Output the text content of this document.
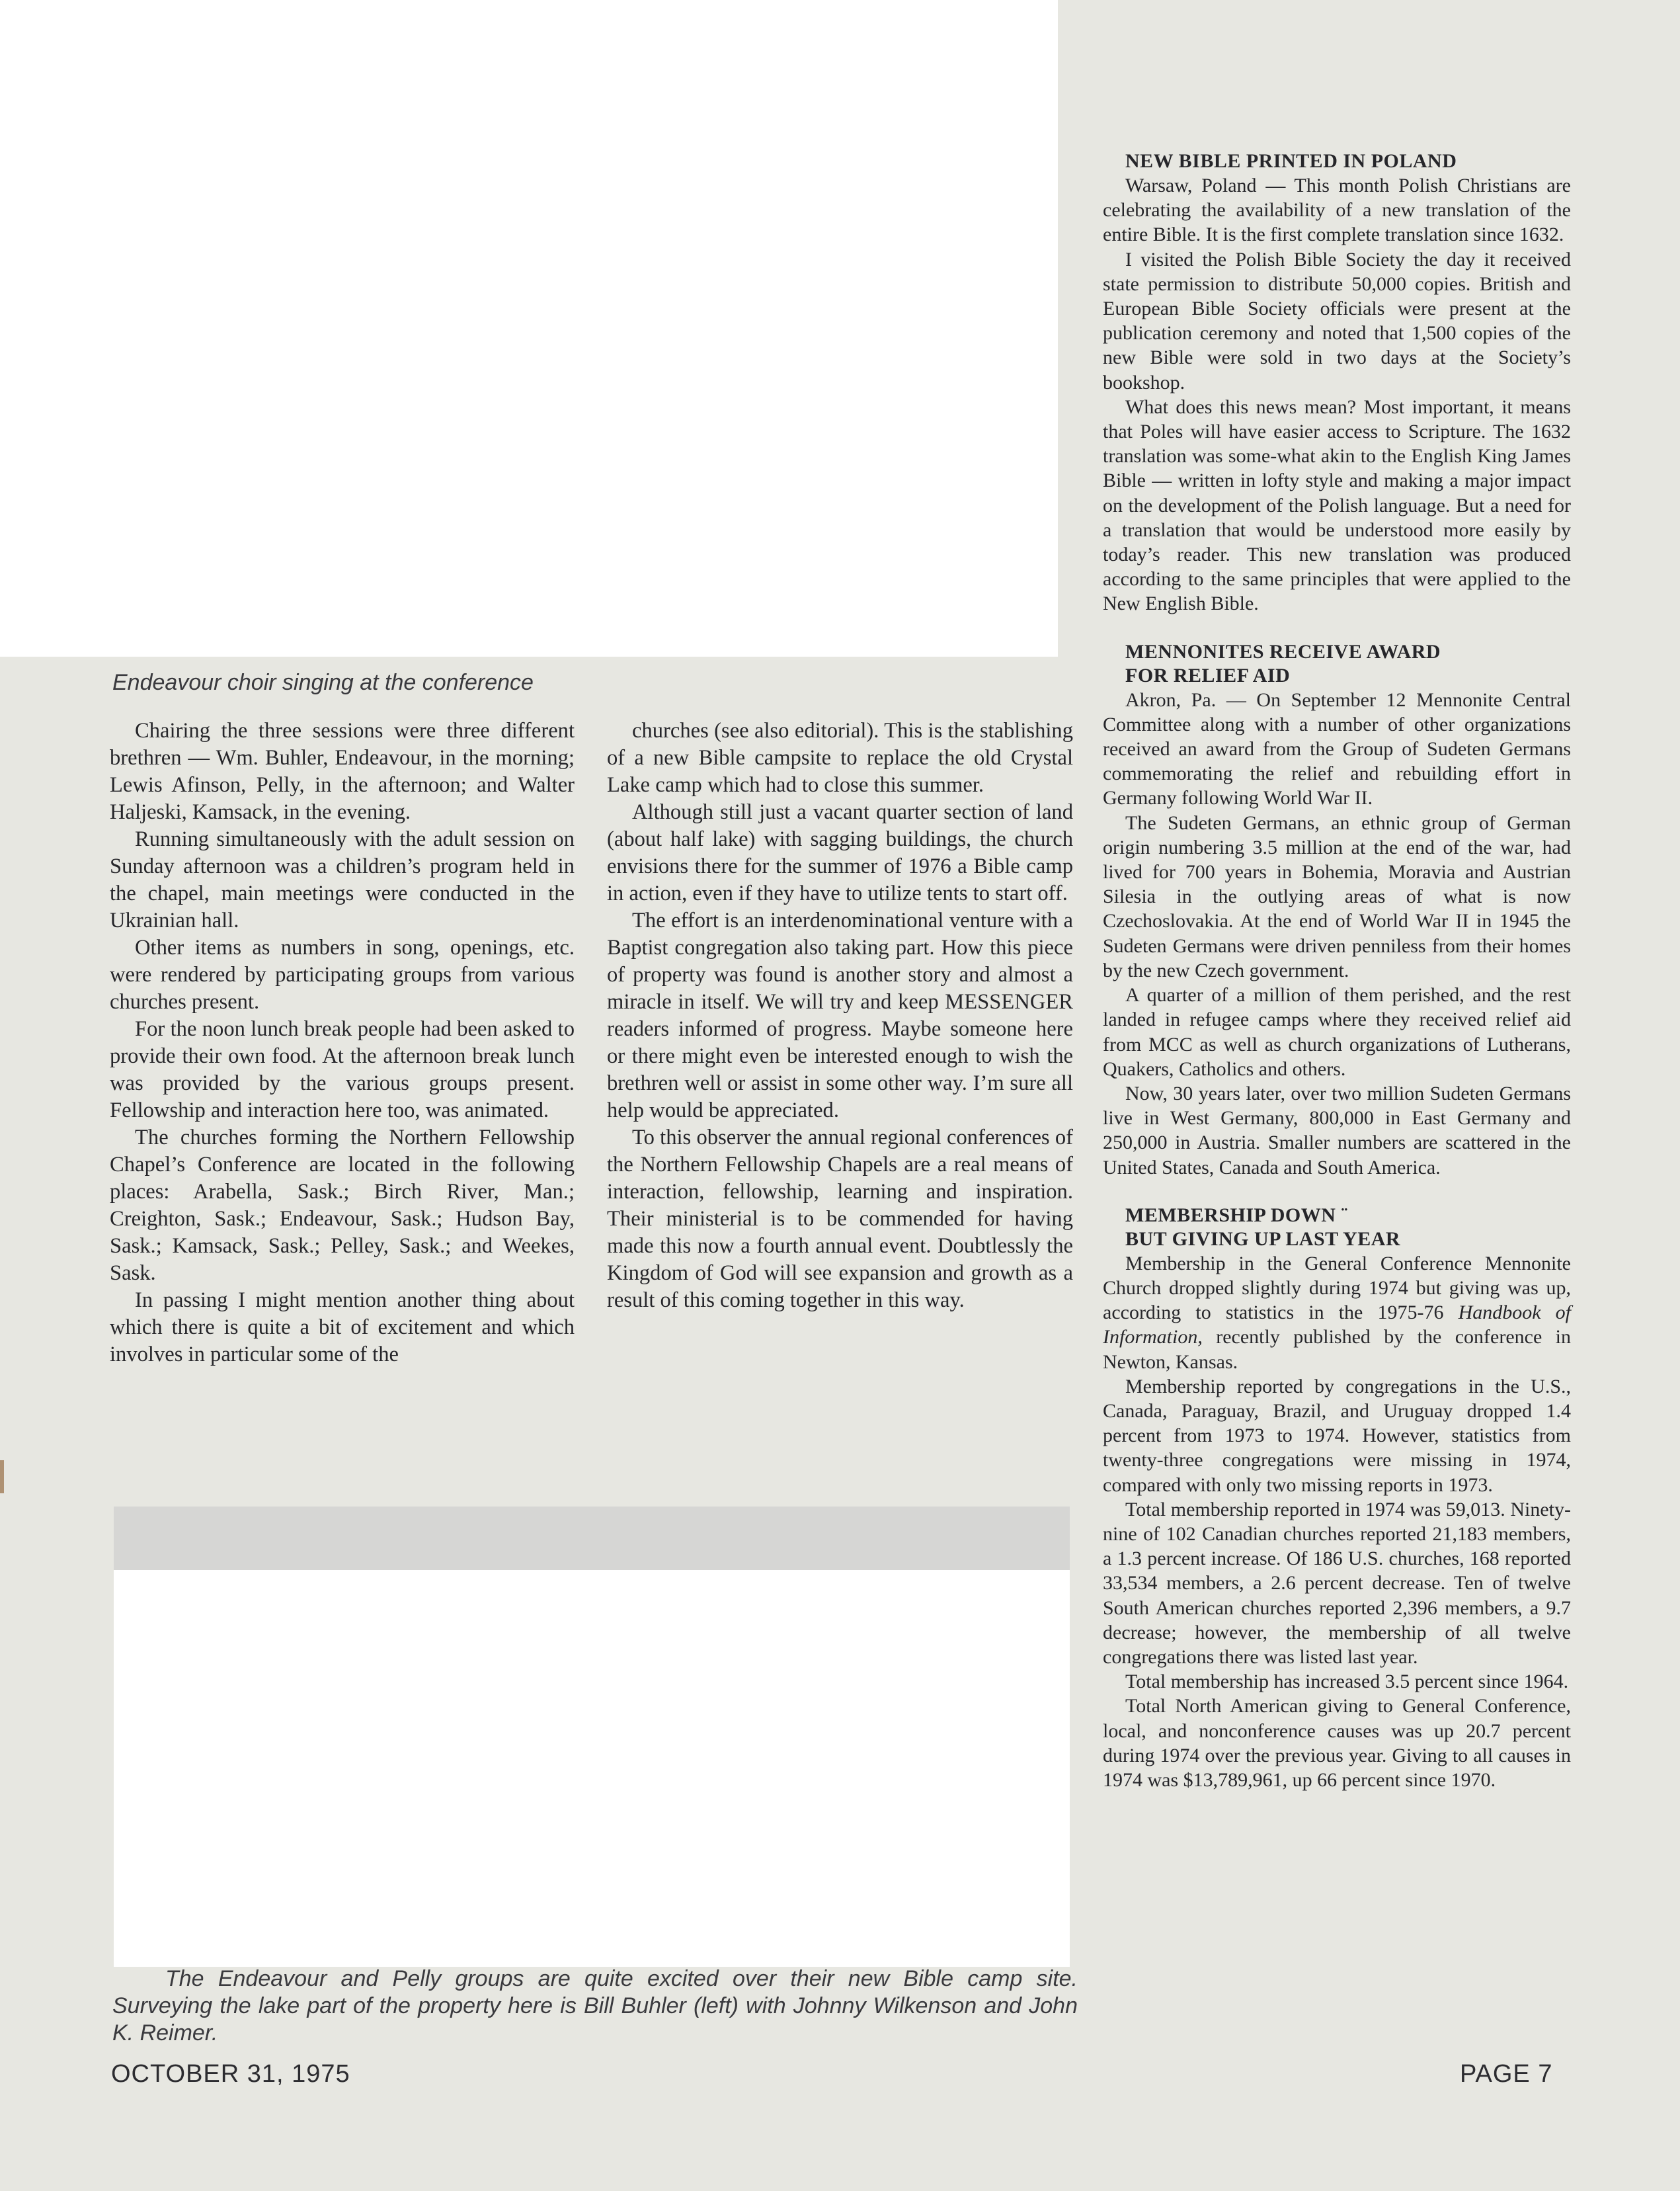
Endeavour choir singing at the conference

Chairing the three sessions were three different brethren — Wm. Buhler, Endeavour, in the morning; Lewis Afinson, Pelly, in the afternoon; and Walter Haljeski, Kamsack, in the evening.

Running simultaneously with the adult session on Sunday afternoon was a children’s program held in the chapel, main meetings were conducted in the Ukrainian hall.

Other items as numbers in song, openings, etc. were rendered by participating groups from various churches present.

For the noon lunch break people had been asked to provide their own food. At the afternoon break lunch was provided by the various groups present. Fellowship and interaction here too, was animated.

The churches forming the Northern Fellowship Chapel’s Conference are located in the following places: Arabella, Sask.; Birch River, Man.; Creighton, Sask.; Endeavour, Sask.; Hudson Bay, Sask.; Kamsack, Sask.; Pelley, Sask.; and Weekes, Sask.

In passing I might mention another thing about which there is quite a bit of excitement and which involves in particular some of the

churches (see also editorial). This is the stablishing of a new Bible campsite to replace the old Crystal Lake camp which had to close this summer.

Although still just a vacant quarter section of land (about half lake) with sagging buildings, the church envisions there for the summer of 1976 a Bible camp in action, even if they have to utilize tents to start off.

The effort is an interdenominational venture with a Baptist congregation also taking part. How this piece of property was found is another story and almost a miracle in itself. We will try and keep MESSENGER readers informed of progress. Maybe someone here or there might even be interested enough to wish the brethren well or assist in some other way. I’m sure all help would be appreciated.

To this observer the annual regional conferences of the Northern Fellowship Chapels are a real means of interaction, fellowship, learning and inspiration. Their ministerial is to be commended for having made this now a fourth annual event. Doubtlessly the Kingdom of God will see expansion and growth as a result of this coming together in this way.

The Endeavour and Pelly groups are quite excited over their new Bible camp site. Surveying the lake part of the property here is Bill Buhler (left) with Johnny Wilkenson and John K. Reimer.

NEW BIBLE PRINTED IN POLAND

Warsaw, Poland — This month Polish Christians are celebrating the availability of a new translation of the entire Bible. It is the first complete translation since 1632.

I visited the Polish Bible Society the day it received state permission to distribute 50,000 copies. British and European Bible Society officials were present at the publication ceremony and noted that 1,500 copies of the new Bible were sold in two days at the Society’s bookshop.

What does this news mean? Most important, it means that Poles will have easier access to Scripture. The 1632 translation was some-what akin to the English King James Bible — written in lofty style and making a major impact on the development of the Polish language. But a need for a translation that would be understood more easily by today’s reader. This new translation was produced according to the same principles that were applied to the New English Bible.

MENNONITES RECEIVE AWARD

FOR RELIEF AID

Akron, Pa. — On September 12 Mennonite Central Committee along with a number of other organizations received an award from the Group of Sudeten Germans commemorating the relief and rebuilding effort in Germany following World War II.

The Sudeten Germans, an ethnic group of German origin numbering 3.5 million at the end of the war, had lived for 700 years in Bohemia, Moravia and Austrian Silesia in the outlying areas of what is now Czechoslovakia. At the end of World War II in 1945 the Sudeten Germans were driven penniless from their homes by the new Czech government.

A quarter of a million of them perished, and the rest landed in refugee camps where they received relief aid from MCC as well as church organizations of Lutherans, Quakers, Catholics and others.

Now, 30 years later, over two million Sudeten Germans live in West Germany, 800,000 in East Germany and 250,000 in Austria. Smaller numbers are scattered in the United States, Canada and South America.

MEMBERSHIP DOWN ¨

BUT GIVING UP LAST YEAR

Membership in the General Conference Mennonite Church dropped slightly during 1974 but giving was up, according to statistics in the 1975-76 Handbook of Information, recently published by the conference in Newton, Kansas.

Membership reported by congregations in the U.S., Canada, Paraguay, Brazil, and Uruguay dropped 1.4 percent from 1973 to 1974. However, statistics from twenty-three congregations were missing in 1974, compared with only two missing reports in 1973.

Total membership reported in 1974 was 59,013. Ninety-nine of 102 Canadian churches reported 21,183 members, a 1.3 percent increase. Of 186 U.S. churches, 168 reported 33,534 members, a 2.6 percent decrease. Ten of twelve South American churches reported 2,396 members, a 9.7 decrease; however, the membership of all twelve congregations there was listed last year.

Total membership has increased 3.5 percent since 1964.

Total North American giving to General Conference, local, and nonconference causes was up 20.7 percent during 1974 over the previous year. Giving to all causes in 1974 was $13,789,961, up 66 percent since 1970.

OCTOBER 31, 1975	PAGE 7
